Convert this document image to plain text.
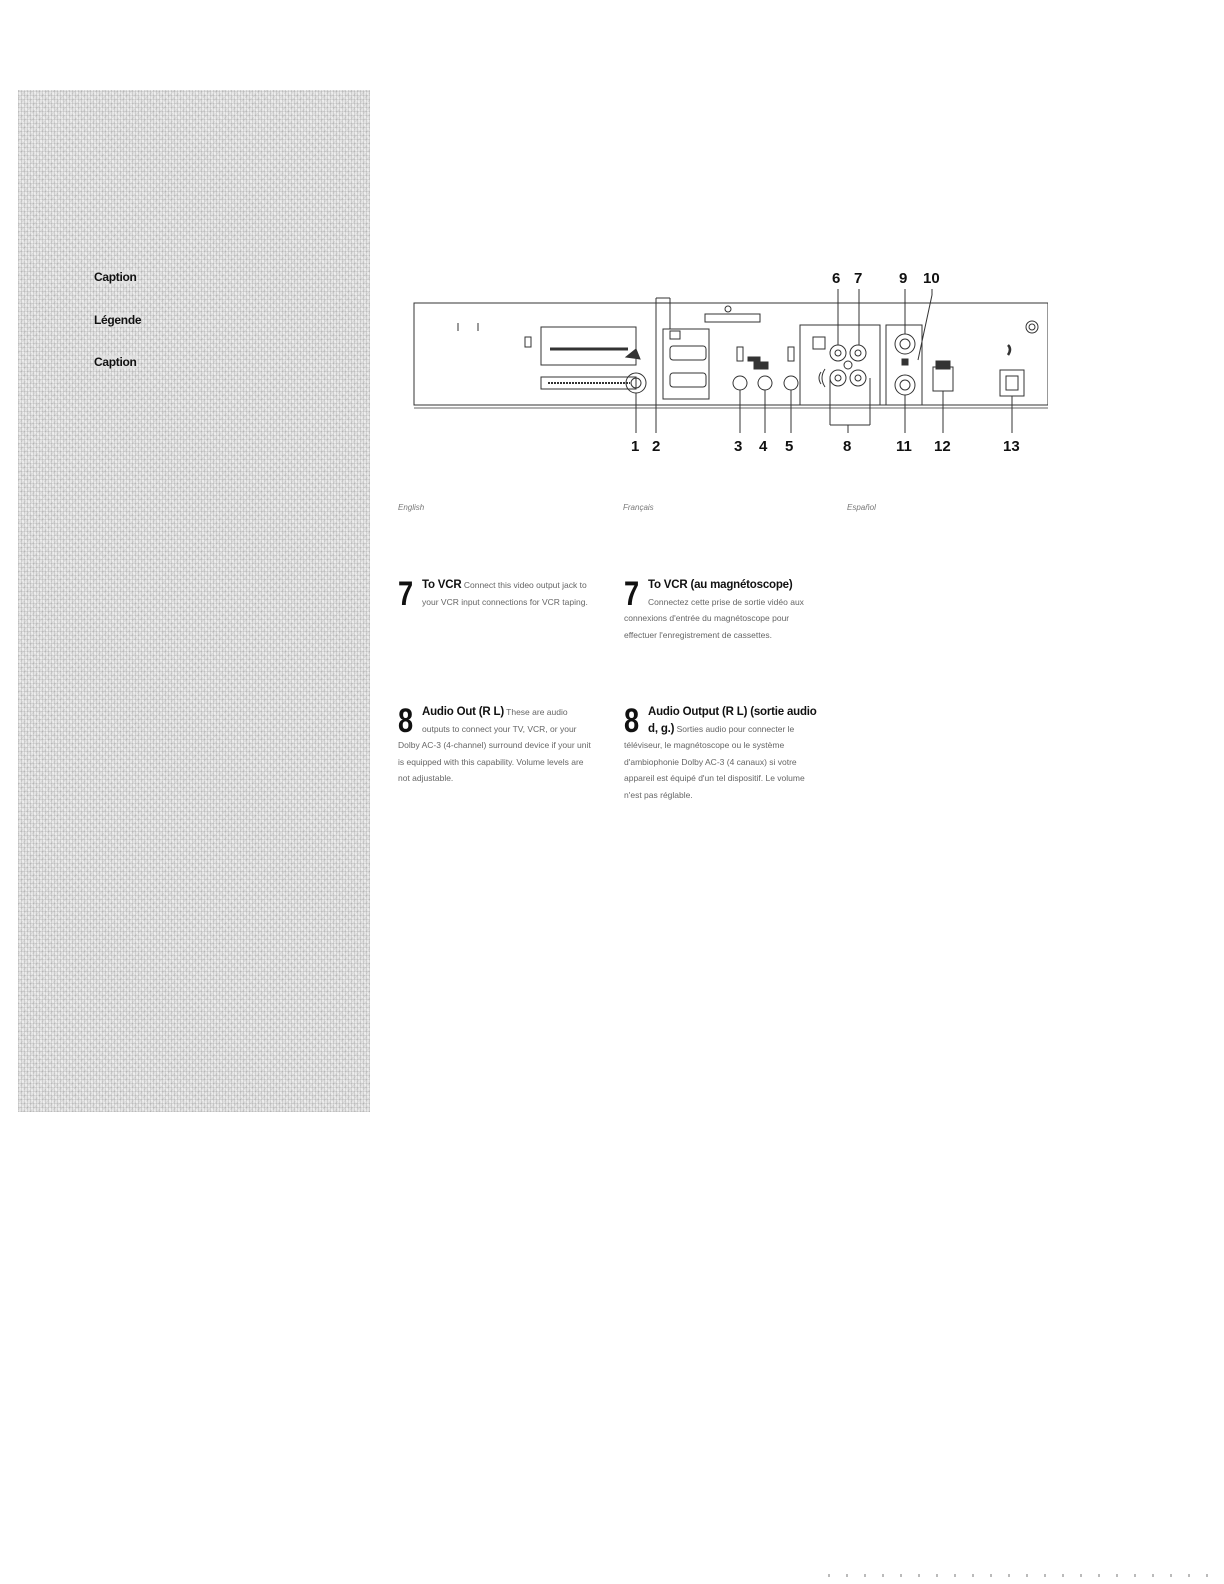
Caption
Légende
Caption
6 7 9 10
1 2	3 4 5	8	11 12	13
English	Français	Español
7 To VCR Connect this video output jack to your VCR input connections for VCR taping.
8 Audio Out (R L) These are audio outputs to connect your TV, VCR, or your Dolby AC-3 (4-channel) surround device if your unit is equipped with this capability. Volume levels are not adjustable.
7 To VCR (au magnétoscope) Connectez cette prise de sortie vidéo aux connexions d'entrée du magnétoscope pour effectuer l'enregistrement de cassettes.
8 Audio Output (R L) (sortie audio d, g.) Sorties audio pour connecter le téléviseur, le magnétoscope ou le système d'ambiophonie Dolby AC-3 (4 canaux) si votre appareil est équipé d'un tel dispositif. Le volume n'est pas réglable.
